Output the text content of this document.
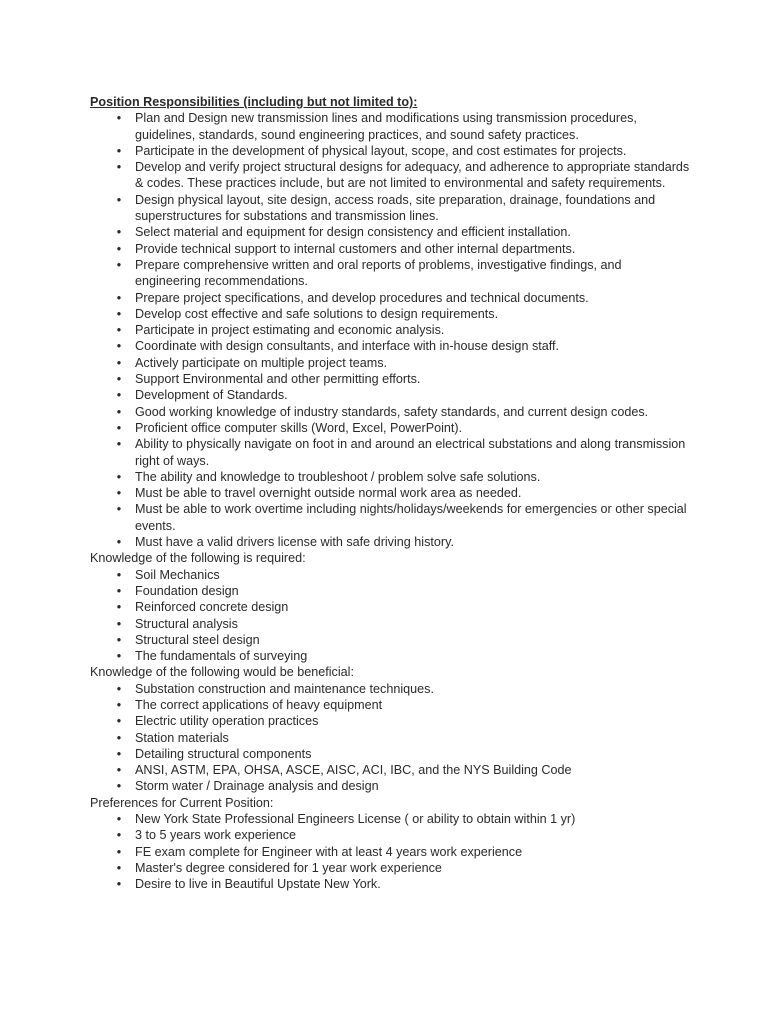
Position Responsibilities (including but not limited to):

• Plan and Design new transmission lines and modifications using transmission procedures, guidelines, standards, sound engineering practices, and sound safety practices.
• Participate in the development of physical layout, scope, and cost estimates for projects.
• Develop and verify project structural designs for adequacy, and adherence to appropriate standards & codes. These practices include, but are not limited to environmental and safety requirements.
• Design physical layout, site design, access roads, site preparation, drainage, foundations and superstructures for substations and transmission lines.
• Select material and equipment for design consistency and efficient installation.
• Provide technical support to internal customers and other internal departments.
• Prepare comprehensive written and oral reports of problems, investigative findings, and engineering recommendations.
• Prepare project specifications, and develop procedures and technical documents.
• Develop cost effective and safe solutions to design requirements.
• Participate in project estimating and economic analysis.
• Coordinate with design consultants, and interface with in-house design staff.
• Actively participate on multiple project teams.
• Support Environmental and other permitting efforts.
• Development of Standards.
• Good working knowledge of industry standards, safety standards, and current design codes.
• Proficient office computer skills (Word, Excel, PowerPoint).
• Ability to physically navigate on foot in and around an electrical substations and along transmission right of ways.
• The ability and knowledge to troubleshoot / problem solve safe solutions.
• Must be able to travel overnight outside normal work area as needed.
• Must be able to work overtime including nights/holidays/weekends for emergencies or other special events.
• Must have a valid drivers license with safe driving history.

Knowledge of the following is required:

• Soil Mechanics
• Foundation design
• Reinforced concrete design
• Structural analysis
• Structural steel design
• The fundamentals of surveying

Knowledge of the following would be beneficial:

• Substation construction and maintenance techniques.
• The correct applications of heavy equipment
• Electric utility operation practices
• Station materials
• Detailing structural components
• ANSI, ASTM, EPA, OHSA, ASCE, AISC, ACI, IBC, and the NYS Building Code
• Storm water / Drainage analysis and design

Preferences for Current Position:

• New York State Professional Engineers License ( or ability to obtain within 1 yr)
• 3 to 5 years work experience
• FE exam complete for Engineer with at least 4 years work experience
• Master's degree considered for 1 year work experience
• Desire to live in Beautiful Upstate New York.
